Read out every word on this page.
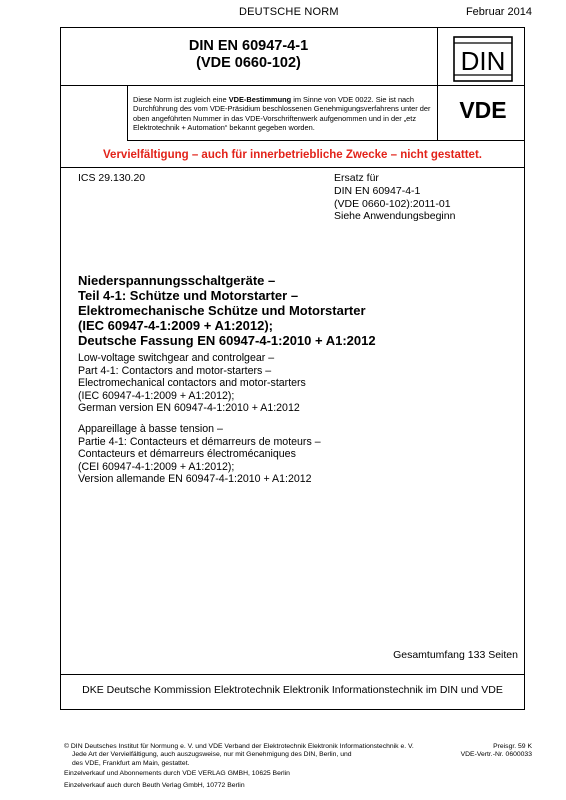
DEUTSCHE NORM	Februar 2014
DIN EN 60947-4-1
(VDE 0660-102)	DIN
Diese Norm ist zugleich eine VDE-Bestimmung im Sinne von VDE 0022. Sie ist nach Durchführung des vom VDE-Präsidium beschlossenen Genehmigungsverfahrens unter der oben angeführten Nummer in das VDE-Vorschriftenwerk aufgenommen und in der „etz Elektrotechnik + Automation“ bekannt gegeben worden.
VDE
Vervielfältigung – auch für innerbetriebliche Zwecke – nicht gestattet.
ICS 29.130.20	Ersatz für
DIN EN 60947-4-1
(VDE 0660-102):2011-01
Siehe Anwendungsbeginn
Niederspannungsschaltgeräte –
Teil 4-1: Schütze und Motorstarter –
Elektromechanische Schütze und Motorstarter
(IEC 60947-4-1:2009 + A1:2012);
Deutsche Fassung EN 60947-4-1:2010 + A1:2012
Low-voltage switchgear and controlgear –
Part 4-1: Contactors and motor-starters –
Electromechanical contactors and motor-starters
(IEC 60947-4-1:2009 + A1:2012);
German version EN 60947-4-1:2010 + A1:2012
Appareillage à basse tension –
Partie 4-1: Contacteurs et démarreurs de moteurs –
Contacteurs et démarreurs électromécaniques
(CEI 60947-4-1:2009 + A1:2012);
Version allemande EN 60947-4-1:2010 + A1:2012
Gesamtumfang 133 Seiten
DKE Deutsche Kommission Elektrotechnik Elektronik Informationstechnik im DIN und VDE
© DIN Deutsches Institut für Normung e. V. und VDE Verband der Elektrotechnik Elektronik Informationstechnik e. V.
Jede Art der Vervielfältigung, auch auszugsweise, nur mit Genehmigung des DIN, Berlin, und
des VDE, Frankfurt am Main, gestattet.
Preisgr. 59 K
VDE-Vertr.-Nr. 0600033
Einzelverkauf und Abonnements durch VDE VERLAG GMBH, 10625 Berlin
Einzelverkauf auch durch Beuth Verlag GmbH, 10772 Berlin
